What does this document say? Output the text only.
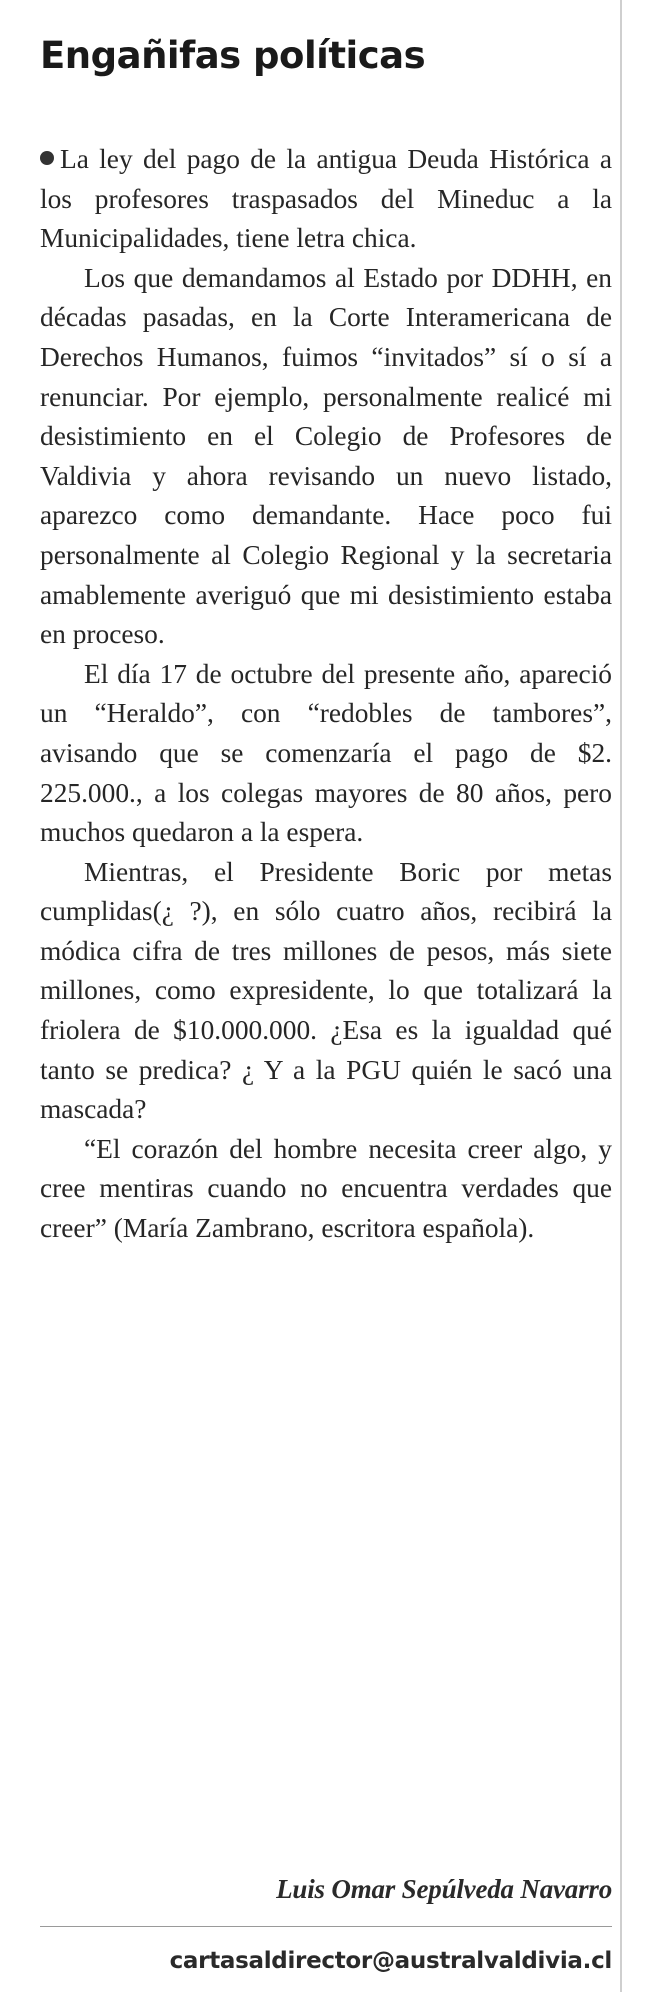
Engañifas políticas

La ley del pago de la antigua Deuda Histórica a los profesores traspasados del Mineduc a la Municipalidades, tiene letra chica.

Los que demandamos al Estado por DDHH, en décadas pasadas, en la Corte Interamericana de Derechos Humanos, fuimos “invitados” sí o sí a renunciar. Por ejemplo, personalmente realicé mi desistimiento en el Colegio de Profesores de Valdivia y ahora revisando un nuevo listado, aparezco como demandante. Hace poco fui personalmente al Colegio Regional y la secretaria amablemente averiguó que mi desistimiento estaba en proceso.

El día 17 de octubre del presente año, apareció un “Heraldo”, con “redobles de tambores”, avisando que se comenzaría el pago de $2. 225.000., a los colegas mayores de 80 años, pero muchos quedaron a la espera.

Mientras, el Presidente Boric por metas cumplidas(¿ ?), en sólo cuatro años, recibirá la módica cifra de tres millones de pesos, más siete millones, como expresidente, lo que totalizará la friolera de $10.000.000. ¿Esa es la igualdad qué tanto se predica? ¿ Y a la PGU quién le sacó una mascada?

“El corazón del hombre necesita creer algo, y cree mentiras cuando no encuentra verdades que creer” (María Zambrano, escritora española).

Luis Omar Sepúlveda Navarro
cartasaldirector@australvaldivia.cl
